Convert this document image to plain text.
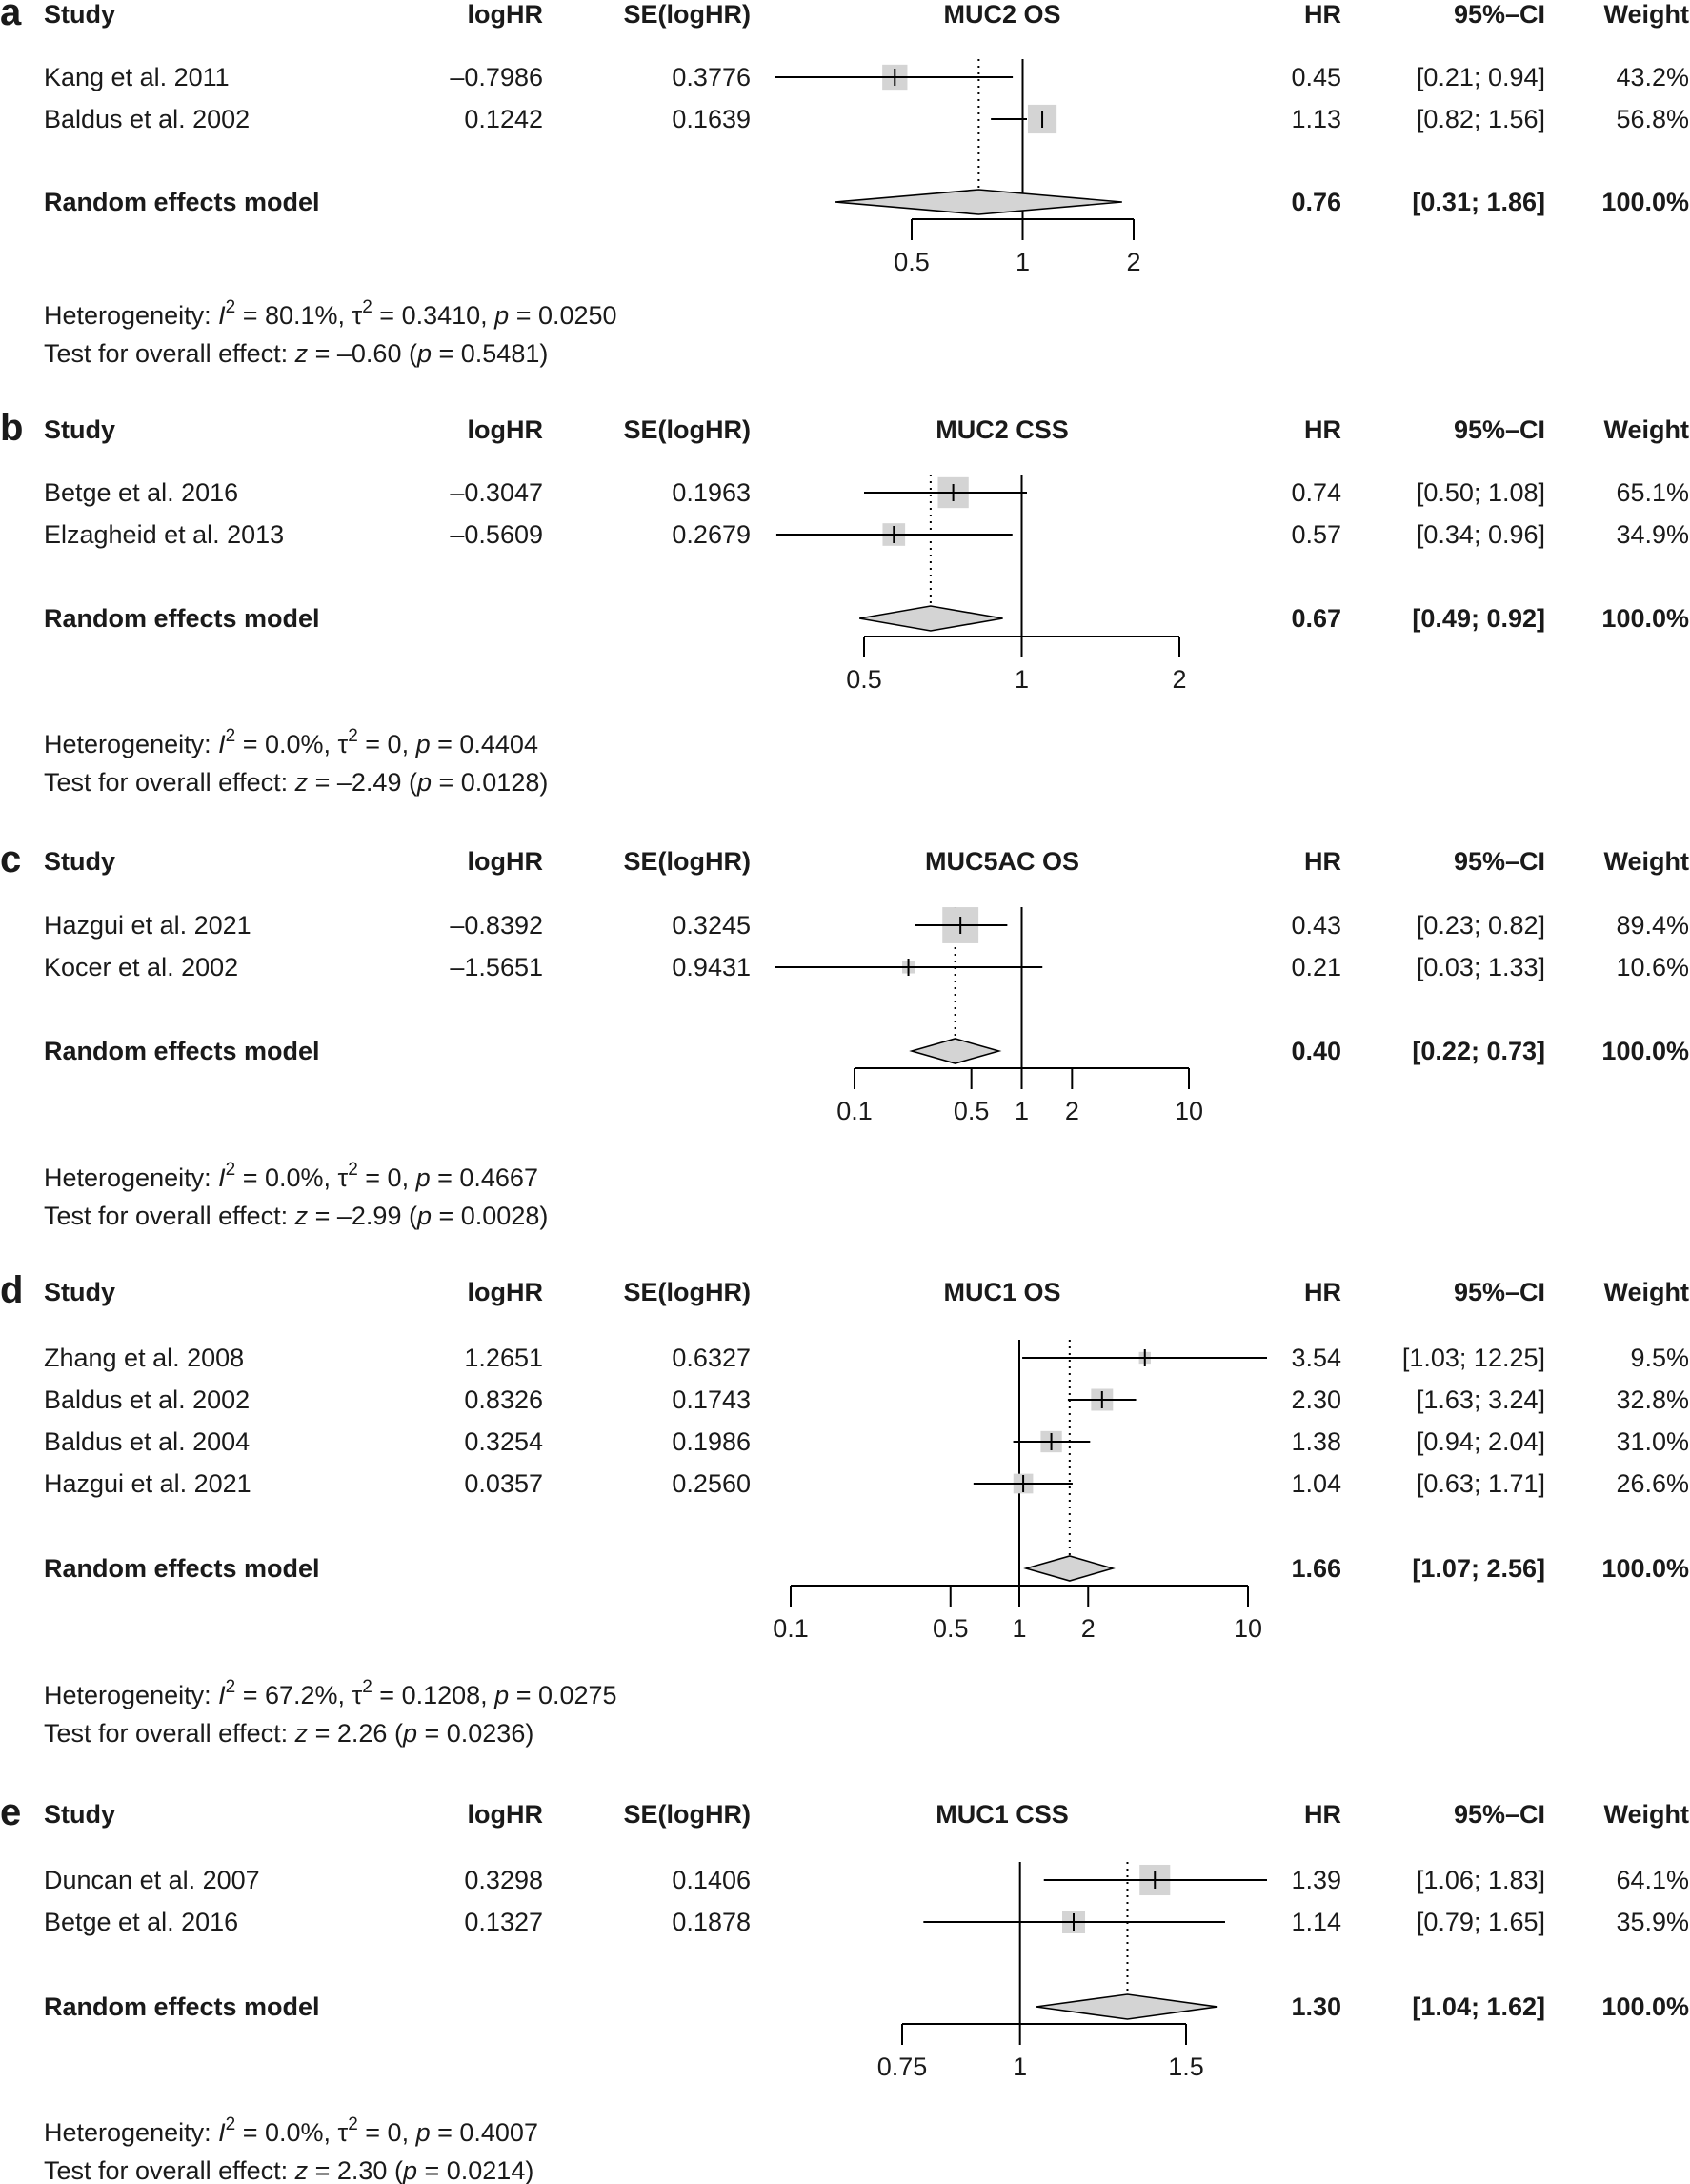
a Study	logHR	SE(logHR)	MUC2 OS	HR	95%–CI Weight
Kang et al. 2011	–0.7986	0.3776	0.45	[0.21; 0.94]	43.2%
Baldus et al. 2002	0.1242	0.1639	1.13	[0.82; 1.56]	56.8%
Random effects model	0.76	[0.31; 1.86] 100.0%
0.5	1	2
Heterogeneity: $I^2 = 80.1\%$, $\tau^2 = 0.3410$, p = 0.0250
Test for overall effect: z = –0.60 (p = 0.5481)
b Study	logHR	SE(logHR)	MUC2 CSS	HR	95%–CI Weight
Betge et al. 2016	–0.3047	0.1963	0.74	[0.50; 1.08]	65.1%
Elzagheid et al. 2013	–0.5609	0.2679	0.57	[0.34; 0.96]	34.9%
Random effects model	0.67	[0.49; 0.92] 100.0%
0.5	1	2
Heterogeneity: $I^2 = 0.0\%$, $\tau^2 = 0$, p = 0.4404
Test for overall effect: z = –2.49 (p = 0.0128)
c Study	logHR	SE(logHR)	MUC5AC OS	HR	95%–CI Weight
Hazgui et al. 2021	–0.8392	0.3245	0.43	[0.23; 0.82]	89.4%
Kocer et al. 2002	–1.5651	0.9431	0.21	[0.03; 1.33]	10.6%
Random effects model	0.40	[0.22; 0.73] 100.0%
0.1	0.5 1 2	10
Heterogeneity: $I^2 = 0.0\%$, $\tau^2 = 0$, p = 0.4667
Test for overall effect: z = –2.99 (p = 0.0028)
d Study	logHR	SE(logHR)	MUC1 OS	HR	95%–CI Weight
Zhang et al. 2008	1.2651	0.6327	3.54 [1.03; 12.25]	9.5%
Baldus et al. 2002	0.8326	0.1743	2.30	[1.63; 3.24]	32.8%
Baldus et al. 2004	0.3254	0.1986	1.38	[0.94; 2.04]	31.0%
Hazgui et al. 2021	0.0357	0.2560	1.04	[0.63; 1.71]	26.6%
Random effects model	1.66	[1.07; 2.56] 100.0%
0.1	0.5 1 2	10
Heterogeneity: $I^2 = 67.2\%$, $\tau^2 = 0.1208$, p = 0.0275
Test for overall effect: z = 2.26 (p = 0.0236)
e Study	logHR	SE(logHR)	MUC1 CSS	HR	95%–CI Weight
Duncan et al. 2007	0.3298	0.1406	1.39	[1.06; 1.83]	64.1%
Betge et al. 2016	0.1327	0.1878	1.14	[0.79; 1.65]	35.9%
Random effects model	1.30	[1.04; 1.62] 100.0%
0.75	1	1.5
Heterogeneity: $I^2 = 0.0\%$, $\tau^2 = 0$, p = 0.4007
Test for overall effect: z = 2.30 (p = 0.0214)
